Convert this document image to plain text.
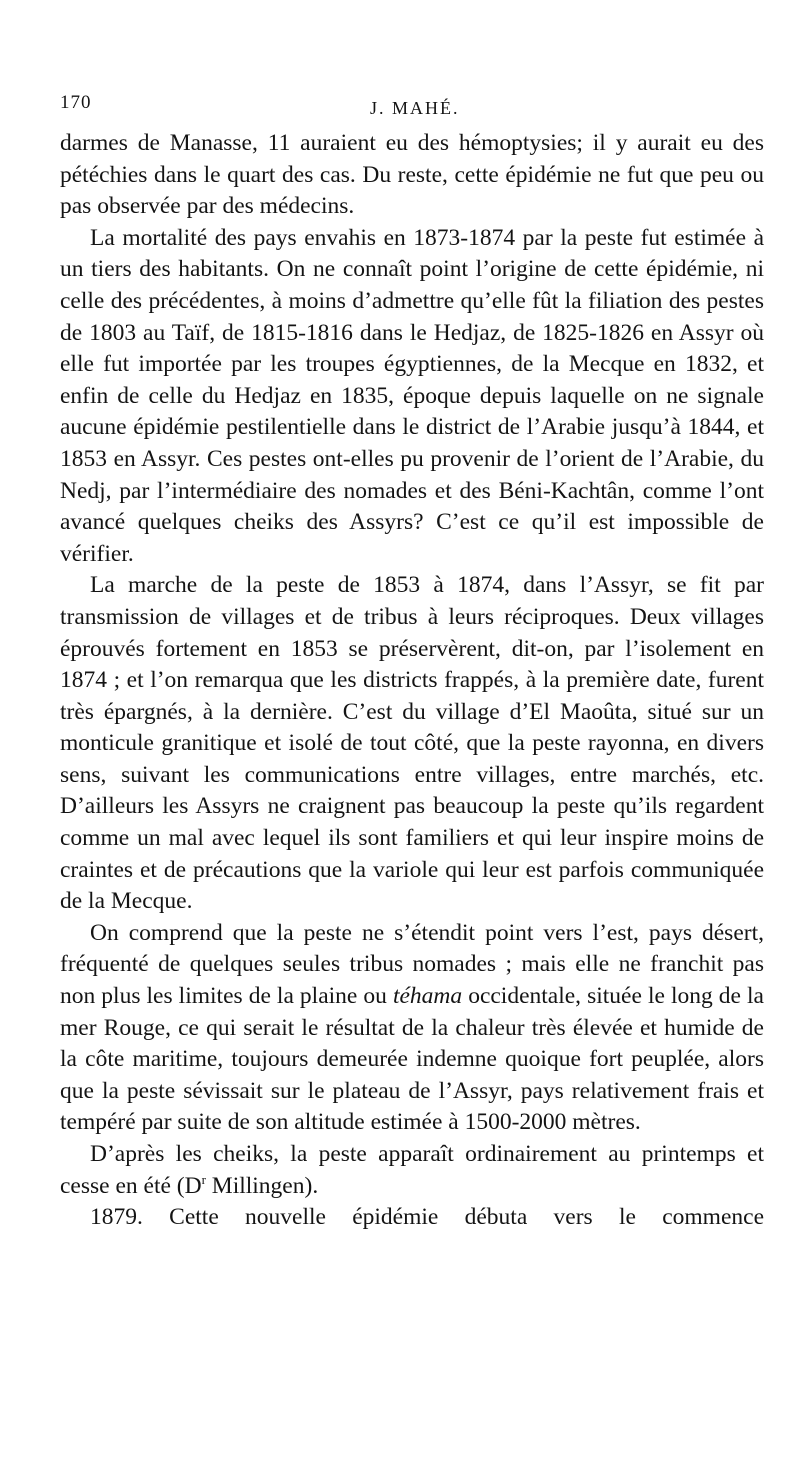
170	J. MAHÉ.

darmes de Manasse, 11 auraient eu des hémoptysies; il y aurait eu des pétéchies dans le quart des cas. Du reste, cette épidémie ne fut que peu ou pas observée par des médecins.

La mortalité des pays envahis en 1873-1874 par la peste fut estimée à un tiers des habitants. On ne connaît point l’origine de cette épidémie, ni celle des précédentes, à moins d’admettre qu’elle fût la filiation des pestes de 1803 au Taïf, de 1815-1816 dans le Hedjaz, de 1825-1826 en Assyr où elle fut importée par les troupes égyptiennes, de la Mecque en 1832, et enfin de celle du Hedjaz en 1835, époque depuis laquelle on ne signale aucune épidémie pestilentielle dans le district de l’Arabie jusqu’à 1844, et 1853 en Assyr. Ces pestes ont-elles pu provenir de l’orient de l’Arabie, du Nedj, par l’intermédiaire des nomades et des Béni-Kachtân, comme l’ont avancé quelques cheiks des Assyrs? C’est ce qu’il est impossible de vérifier.

La marche de la peste de 1853 à 1874, dans l’Assyr, se fit par transmission de villages et de tribus à leurs réciproques. Deux villages éprouvés fortement en 1853 se préservèrent, dit-on, par l’isolement en 1874 ; et l’on remarqua que les districts frappés, à la première date, furent très épargnés, à la dernière. C’est du village d’El Maoûta, situé sur un monticule granitique et isolé de tout côté, que la peste rayonna, en divers sens, suivant les communications entre villages, entre marchés, etc. D’ailleurs les Assyrs ne craignent pas beaucoup la peste qu’ils regardent comme un mal avec lequel ils sont familiers et qui leur inspire moins de craintes et de précautions que la variole qui leur est parfois communiquée de la Mecque.

On comprend que la peste ne s’étendit point vers l’est, pays désert, fréquenté de quelques seules tribus nomades ; mais elle ne franchit pas non plus les limites de la plaine ou téhama occidentale, située le long de la mer Rouge, ce qui serait le résultat de la chaleur très élevée et humide de la côte maritime, toujours demeurée indemne quoique fort peuplée, alors que la peste sévissait sur le plateau de l’Assyr, pays relativement frais et tempéré par suite de son altitude estimée à 1500-2000 mètres.

D’après les cheiks, la peste apparaît ordinairement au printemps et cesse en été ($D^r$ Millingen).

1879. Cette nouvelle épidémie débuta vers le commence
